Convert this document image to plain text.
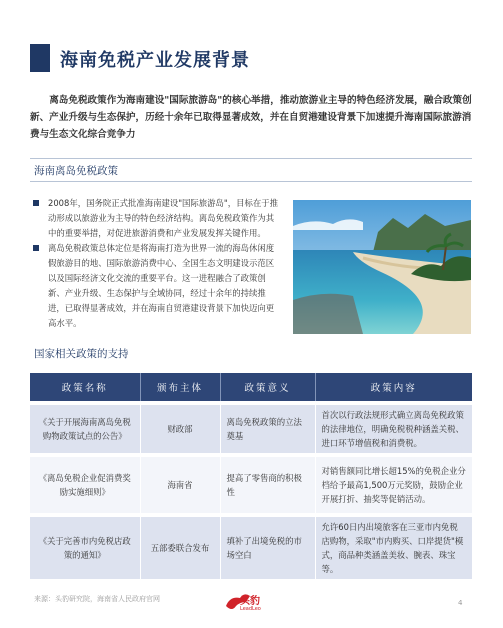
海南免税产业发展背景

离岛免税政策作为海南建设"国际旅游岛"的核心举措，推动旅游业主导的特色经济发展，融合政策创新、产业升级与生态保护，历经十余年已取得显著成效，并在自贸港建设背景下加速提升海南国际旅游消费与生态文化综合竞争力

海南离岛免税政策
2008年，国务院正式批准海南建设"国际旅游岛"，目标在于推动形成以旅游业为主导的特色经济结构。离岛免税政策作为其中的重要举措，对促进旅游消费和产业发展发挥关键作用。
离岛免税政策总体定位是将海南打造为世界一流的海岛休闲度假旅游目的地、国际旅游消费中心、全国生态文明建设示范区以及国际经济文化交流的重要平台。这一进程融合了政策创新、产业升级、生态保护与全域协同，经过十余年的持续推进，已取得显著成效，并在海南自贸港建设背景下加快迈向更高水平。
国家相关政策的支持
政策名称	颁布主体	政策意义	政策内容

《关于开展海南离岛免税购物政策试点的公告》	财政部	离岛免税政策的立法奠基	首次以行政法规形式确立离岛免税政策的法律地位，明确免税税种涵盖关税、进口环节增值税和消费税。

《离岛免税企业促消费奖励实施细则》	海南省	提高了零售商的积极性	对销售额同比增长超15%的免税企业分档给予最高1,500万元奖励，鼓励企业开展打折、抽奖等促销活动。

《关于完善市内免税店政策的通知》	五部委联合发布	填补了出境免税的市场空白	允许60日内出境旅客在三亚市内免税店购物，采取"市内购买、口岸提货"模式，商品种类涵盖美妆、腕表、珠宝等。
来源：头豹研究院，海南省人民政府官网	头豹
LeadLeo
4
